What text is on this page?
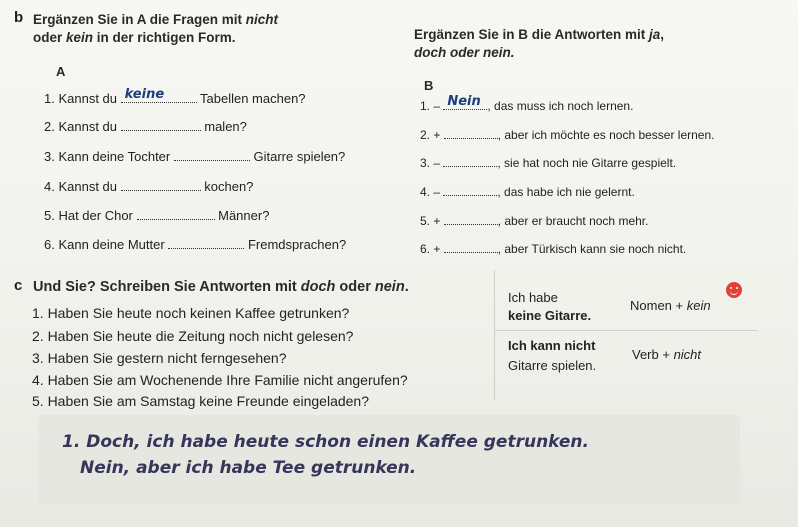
b Ergänzen Sie in A die Fragen mit nicht
oder kein in der richtigen Form.	Ergänzen Sie in B die Antworten mit ja,
doch oder nein.
A
B
1. Kannst du keine	Tabellen machen?
2. Kannst du	malen?
3. Kann deine Tochter	Gitarre spielen?
4. Kannst du	kochen?
5. Hat der Chor	Männer?
6. Kann deine Mutter	Fremdsprachen?
1. – Nein , das muss ich noch lernen.
2. +	, aber ich möchte es noch besser lernen.
3. –	, sie hat noch nie Gitarre gespielt.
4. –	, das habe ich nie gelernt.
5. +	, aber er braucht noch mehr.
6. +	, aber Türkisch kann sie noch nicht.
c Und Sie? Schreiben Sie Antworten mit doch oder nein.
1. Haben Sie heute noch keinen Kaffee getrunken?
2. Haben Sie heute die Zeitung noch nicht gelesen?
3. Haben Sie gestern nicht ferngesehen?
4. Haben Sie am Wochenende Ihre Familie nicht angerufen?
5. Haben Sie am Samstag keine Freunde eingeladen?
Ich habe
keine Gitarre.
Nomen + kein
Ich kann nicht
Gitarre spielen.
Verb + nicht
1. Doch, ich habe heute schon einen Kaffee getrunken.
Nein, aber ich habe Tee getrunken.
